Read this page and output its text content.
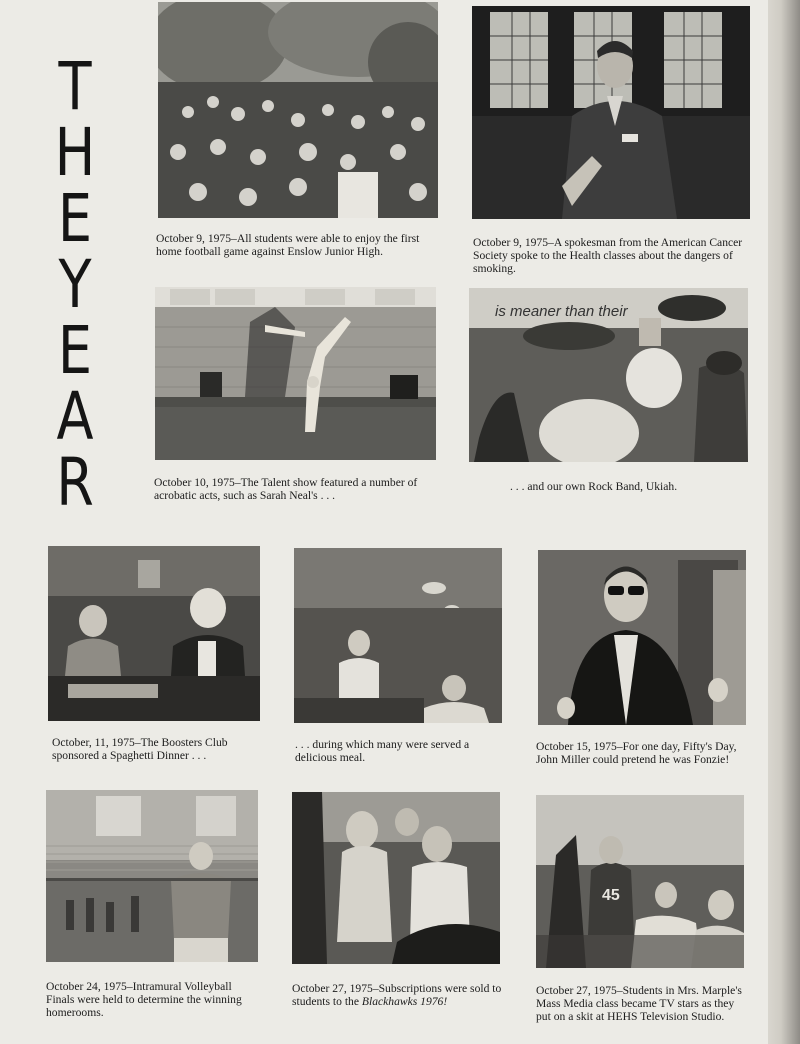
T
H
E
Y
E
A
R
October 9, 1975–All students were able to enjoy the first home football game against Enslow Junior High.
October 9, 1975–A spokesman from the American Cancer Society spoke to the Health classes about the dangers of smoking.
is meaner than their
October 10, 1975–The Talent show featured a number of acrobatic acts, such as Sarah Neal's . . .
. . . and our own Rock Band, Ukiah.
October, 11, 1975–The Boosters Club sponsored a Spaghetti Dinner . . .
. . . during which many were served a delicious meal.
October 15, 1975–For one day, Fifty's Day, John Miller could pretend he was Fonzie!
45
October 24, 1975–Intramural Volleyball Finals were held to determine the winning homerooms.
October 27, 1975–Subscriptions were sold to students to the Blackhawks 1976!
October 27, 1975–Students in Mrs. Marple's Mass Media class became TV stars as they put on a skit at HEHS Television Studio.
